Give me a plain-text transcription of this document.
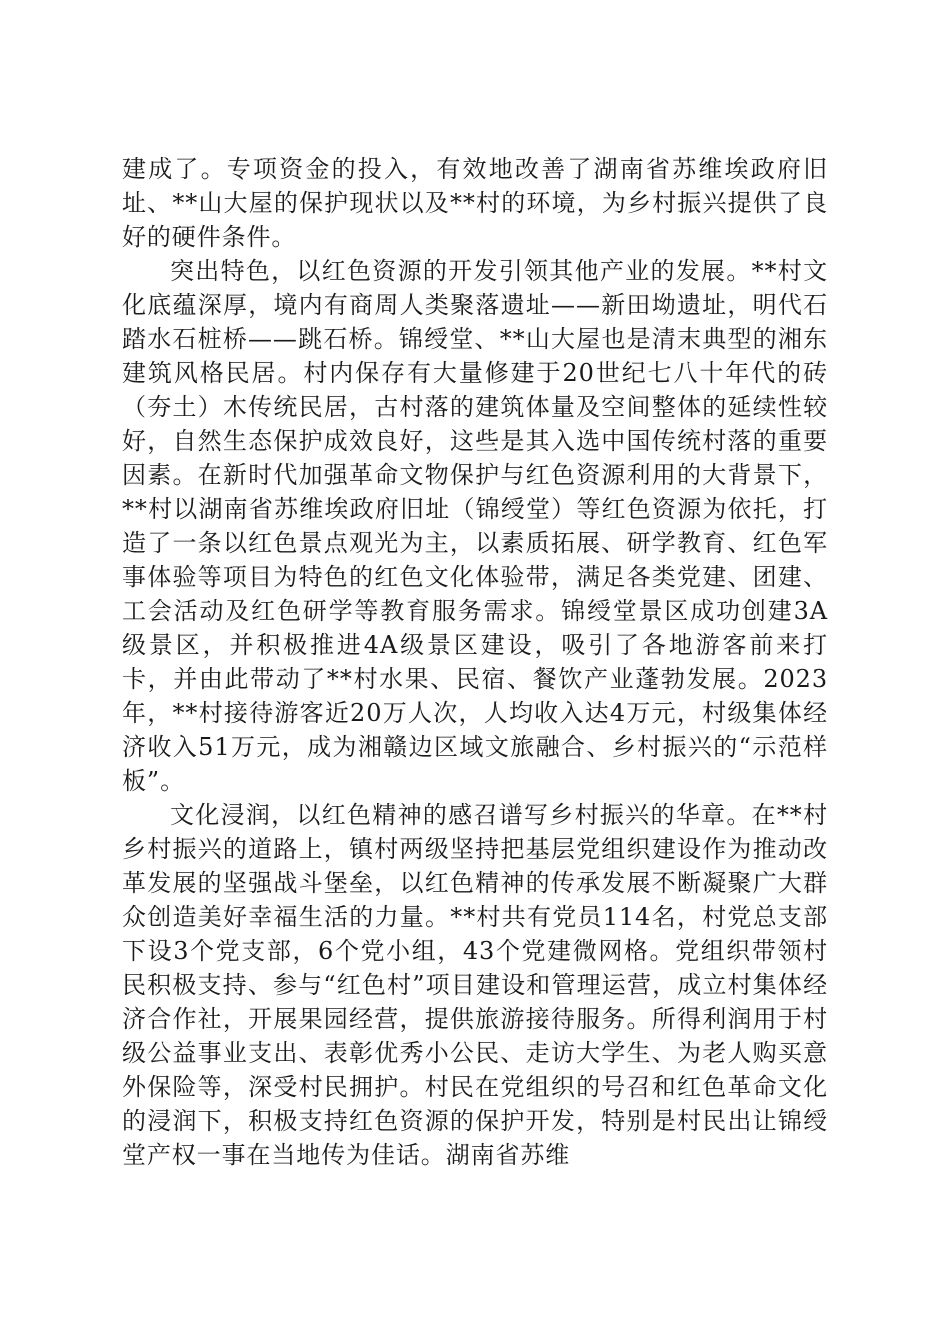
建成了。专项资金的投入，有效地改善了湖南省苏维埃政府旧址、**山大屋的保护现状以及**村的环境，为乡村振兴提供了良好的硬件条件。

突出特色，以红色资源的开发引领其他产业的发展。**村文化底蕴深厚，境内有商周人类聚落遗址——新田坳遗址，明代石踏水石桩桥——跳石桥。锦绶堂、**山大屋也是清末典型的湘东建筑风格民居。村内保存有大量修建于20世纪七八十年代的砖（夯土）木传统民居，古村落的建筑体量及空间整体的延续性较好，自然生态保护成效良好，这些是其入选中国传统村落的重要因素。在新时代加强革命文物保护与红色资源利用的大背景下，**村以湖南省苏维埃政府旧址（锦绶堂）等红色资源为依托，打造了一条以红色景点观光为主，以素质拓展、研学教育、红色军事体验等项目为特色的红色文化体验带，满足各类党建、团建、工会活动及红色研学等教育服务需求。锦绶堂景区成功创建3A级景区，并积极推进4A级景区建设，吸引了各地游客前来打卡，并由此带动了**村水果、民宿、餐饮产业蓬勃发展。2023年，**村接待游客近20万人次，人均收入达4万元，村级集体经济收入51万元，成为湘赣边区域文旅融合、乡村振兴的“示范样板”。

文化浸润，以红色精神的感召谱写乡村振兴的华章。在**村乡村振兴的道路上，镇村两级坚持把基层党组织建设作为推动改革发展的坚强战斗堡垒，以红色精神的传承发展不断凝聚广大群众创造美好幸福生活的力量。**村共有党员114名，村党总支部下设3个党支部，6个党小组，43个党建微网格。党组织带领村民积极支持、参与“红色村”项目建设和管理运营，成立村集体经济合作社，开展果园经营，提供旅游接待服务。所得利润用于村级公益事业支出、表彰优秀小公民、走访大学生、为老人购买意外保险等，深受村民拥护。村民在党组织的号召和红色革命文化的浸润下，积极支持红色资源的保护开发，特别是村民出让锦绶堂产权一事在当地传为佳话。湖南省苏维
